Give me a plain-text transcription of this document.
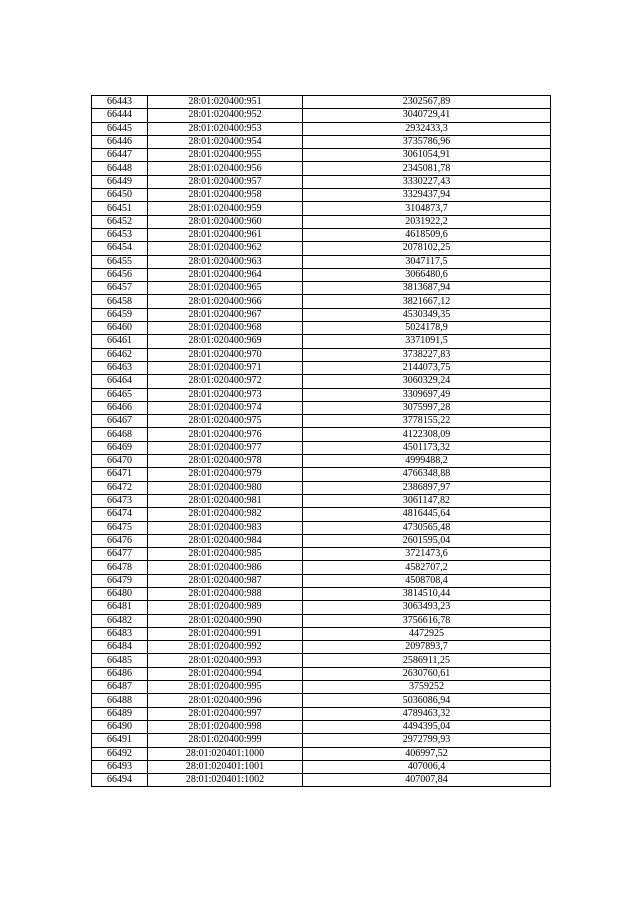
66443	28:01:020400:951	2302567,89
66444	28:01:020400:952	3040729,41
66445	28:01:020400:953	2932433,3
66446	28:01:020400:954	3735786,96
66447	28:01:020400:955	3061054,91
66448	28:01:020400:956	2345081,78
66449	28:01:020400:957	3330227,43
66450	28:01:020400:958	3329437,94
66451	28:01:020400:959	3104873,7
66452	28:01:020400:960	2031922,2
66453	28:01:020400:961	4618509,6
66454	28:01:020400:962	2078102,25
66455	28:01:020400:963	3047117,5
66456	28:01:020400:964	3066480,6
66457	28:01:020400:965	3813687,94
66458	28:01:020400:966	3821667,12
66459	28:01:020400:967	4530349,35
66460	28:01:020400:968	5024178,9
66461	28:01:020400:969	3371091,5
66462	28:01:020400:970	3738227,83
66463	28:01:020400:971	2144073,75
66464	28:01:020400:972	3060329,24
66465	28:01:020400:973	3309697,49
66466	28:01:020400:974	3075997,28
66467	28:01:020400:975	3778155,22
66468	28:01:020400:976	4122308,09
66469	28:01:020400:977	4501173,32
66470	28:01:020400:978	4999488,2
66471	28:01:020400:979	4766348,88
66472	28:01:020400:980	2386897,97
66473	28:01:020400:981	3061147,82
66474	28:01:020400:982	4816445,64
66475	28:01:020400:983	4730565,48
66476	28:01:020400:984	2601595,04
66477	28:01:020400:985	3721473,6
66478	28:01:020400:986	4582707,2
66479	28:01:020400:987	4508708,4
66480	28:01:020400:988	3814510,44
66481	28:01:020400:989	3063493,23
66482	28:01:020400:990	3756616,78
66483	28:01:020400:991	4472925
66484	28:01:020400:992	2097893,7
66485	28:01:020400:993	2586911,25
66486	28:01:020400:994	2630760,61
66487	28:01:020400:995	3759252
66488	28:01:020400:996	5036086,94
66489	28:01:020400:997	4789463,32
66490	28:01:020400:998	4494395,04
66491	28:01:020400:999	2972799,93
66492	28:01:020401:1000	406997,52
66493	28:01:020401:1001	407006,4
66494	28:01:020401:1002	407007,84
